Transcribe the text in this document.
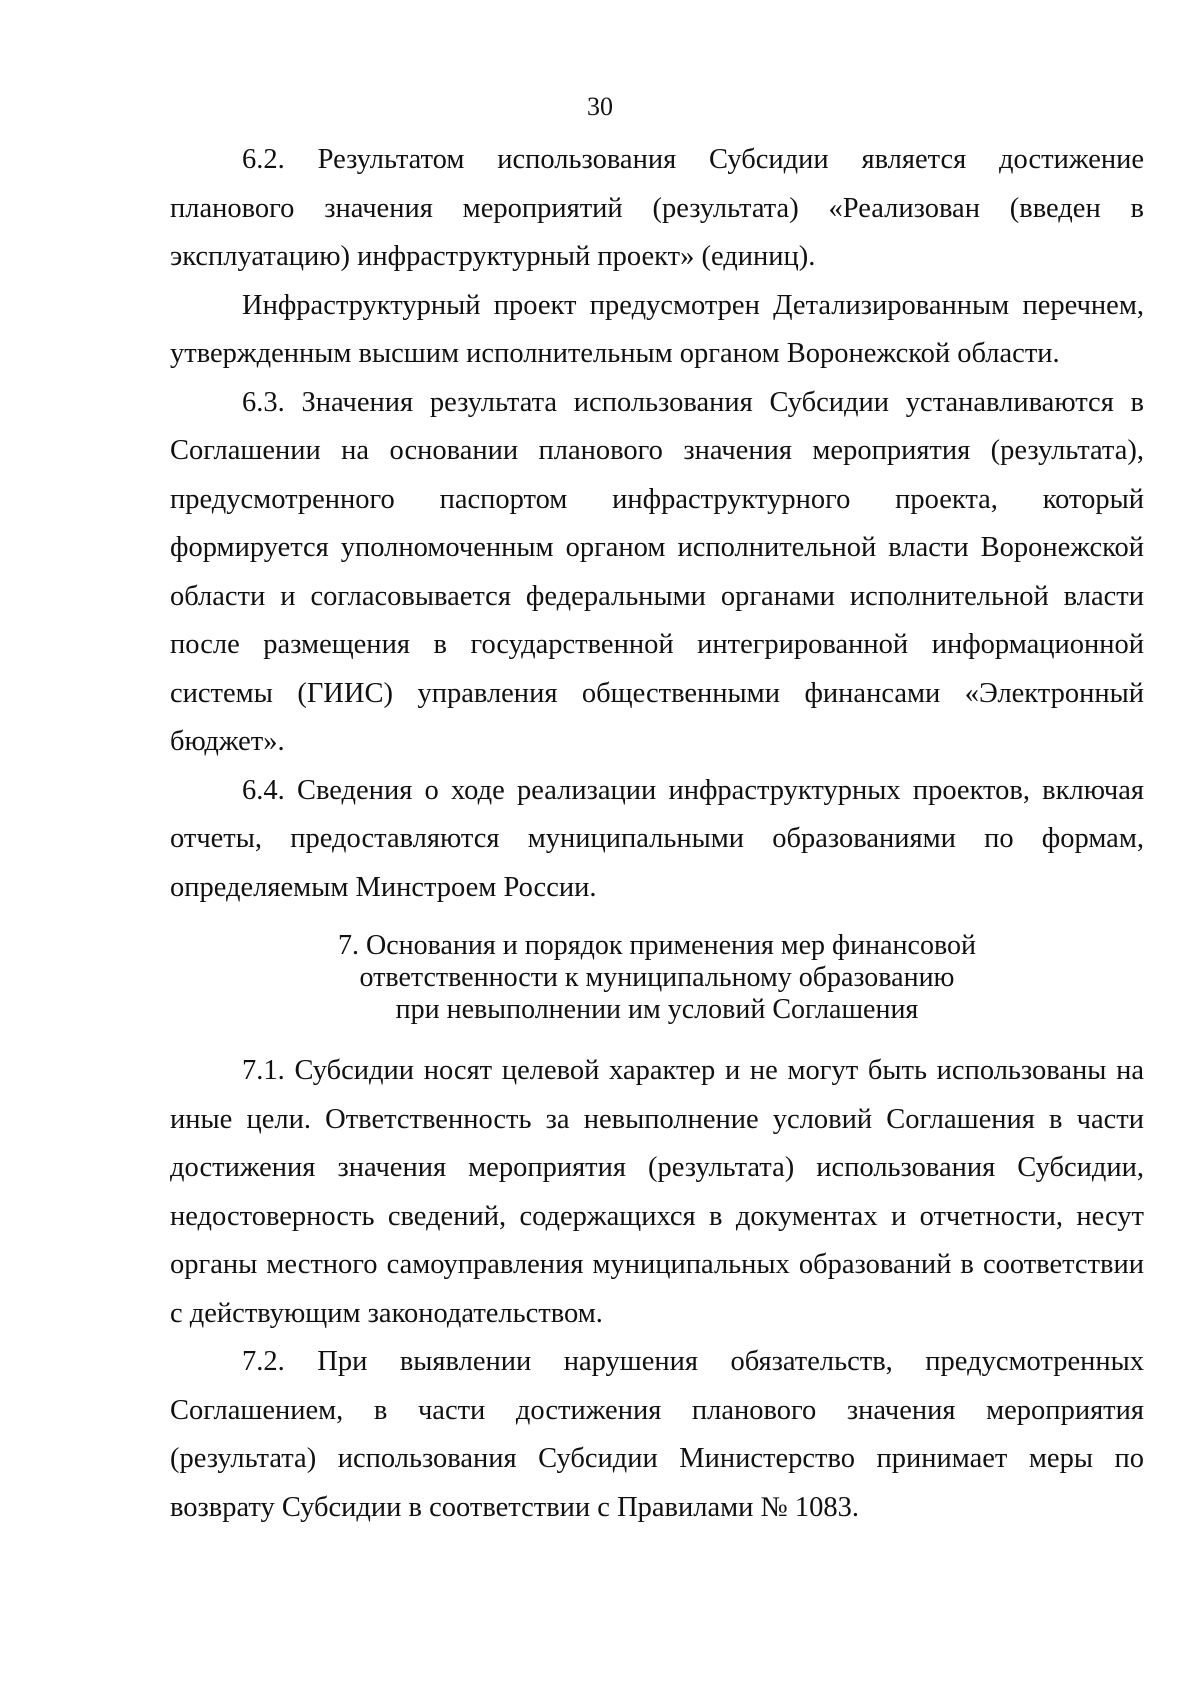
30

6.2. Результатом использования Субсидии является достижение планового значения мероприятий (результата) «Реализован (введен в эксплуатацию) инфраструктурный проект» (единиц).

Инфраструктурный проект предусмотрен Детализированным перечнем, утвержденным высшим исполнительным органом Воронежской области.

6.3. Значения результата использования Субсидии устанавливаются в Соглашении на основании планового значения мероприятия (результата), предусмотренного паспортом инфраструктурного проекта, который формируется уполномоченным органом исполнительной власти Воронежской области и согласовывается федеральными органами исполнительной власти после размещения в государственной интегрированной информационной системы (ГИИС) управления общественными финансами «Электронный бюджет».

6.4. Сведения о ходе реализации инфраструктурных проектов, включая отчеты, предоставляются муниципальными образованиями по формам, определяемым Минстроем России.

7. Основания и порядок применения мер финансовой
ответственности к муниципальному образованию
при невыполнении им условий Соглашения

7.1. Субсидии носят целевой характер и не могут быть использованы на иные цели. Ответственность за невыполнение условий Соглашения в части достижения значения мероприятия (результата) использования Субсидии, недостоверность сведений, содержащихся в документах и отчетности, несут органы местного самоуправления муниципальных образований в соответствии с действующим законодательством.

7.2. При выявлении нарушения обязательств, предусмотренных Соглашением, в части достижения планового значения мероприятия (результата) использования Субсидии Министерство принимает меры по возврату Субсидии в соответствии с Правилами № 1083.
